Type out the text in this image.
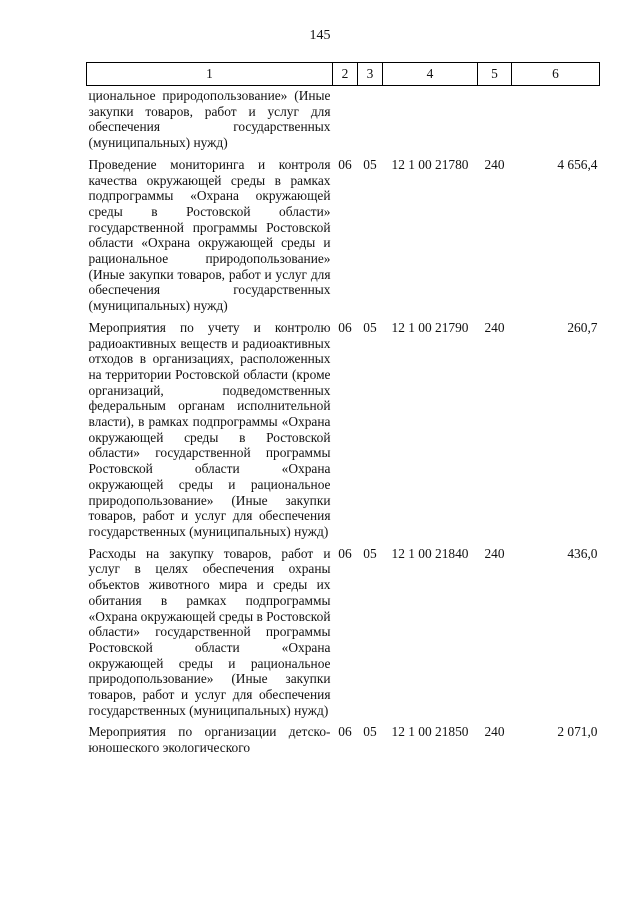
145
1	2	3	4	5	6
циональное природопользование» (Иные закупки товаров, работ и услуг для обеспечения государственных (муниципальных) нужд)					
Проведение мониторинга и контроля качества окружающей среды в рамках подпрограммы «Охрана окружающей среды в Ростовской области» государственной программы Ростовской области «Охрана окружающей среды и рациональное природопользование» (Иные закупки товаров, работ и услуг для обеспечения государственных (муниципальных) нужд)	06	05	12 1 00 21780	240	4 656,4
Мероприятия по учету и контролю радиоактивных веществ и радиоактивных отходов в организациях, расположенных на территории Ростовской области (кроме организаций, подведомственных федеральным органам исполнительной власти), в рамках подпрограммы «Охрана окружающей среды в Ростовской области» государственной программы Ростовской области «Охрана окружающей среды и рациональное природопользование» (Иные закупки товаров, работ и услуг для обеспечения государственных (муниципальных) нужд)	06	05	12 1 00 21790	240	260,7
Расходы на закупку товаров, работ и услуг в целях обеспечения охраны объектов животного мира и среды их обитания в рамках подпрограммы «Охрана окружающей среды в Ростовской области» государственной программы Ростовской области «Охрана окружающей среды и рациональное природопользование» (Иные закупки товаров, работ и услуг для обеспечения государственных (муниципальных) нужд)	06	05	12 1 00 21840	240	436,0
Мероприятия по организации детско-юношеского экологического	06	05	12 1 00 21850	240	2 071,0
